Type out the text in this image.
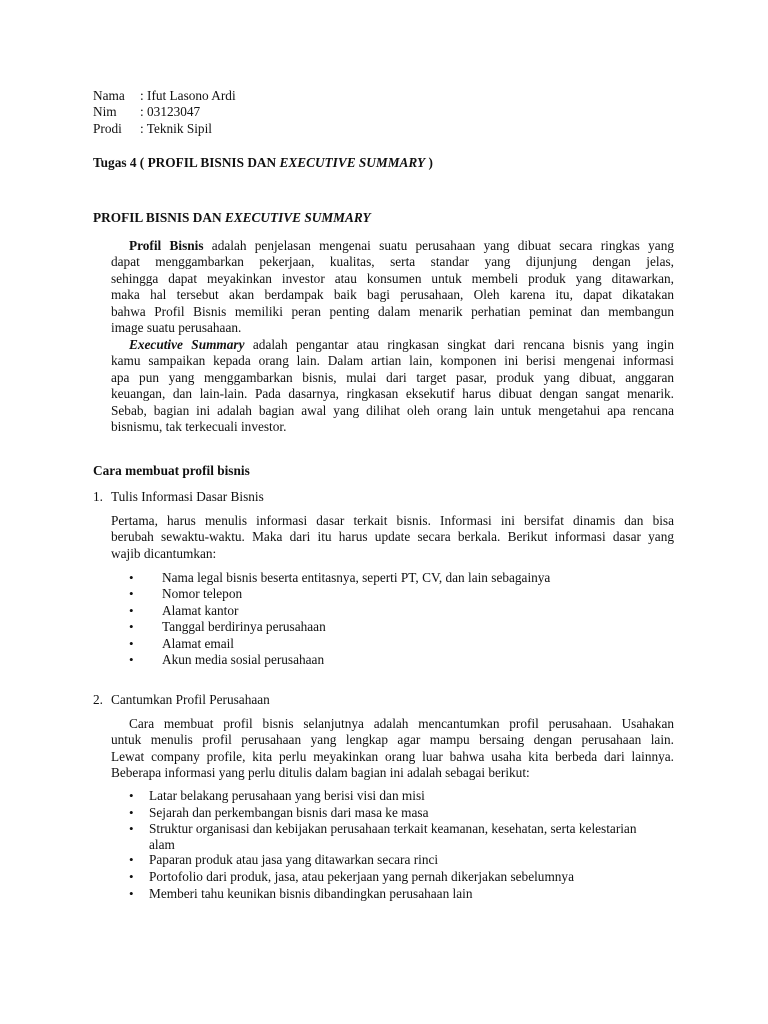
Nama : Ifut Lasono Ardi
Nim : 03123047
Prodi : Teknik Sipil
Tugas 4 ( PROFIL BISNIS DAN EXECUTIVE SUMMARY )
PROFIL BISNIS DAN EXECUTIVE SUMMARY
Profil Bisnis adalah penjelasan mengenai suatu perusahaan yang dibuat secara ringkas yang
dapat menggambarkan pekerjaan, kualitas, serta standar yang dijunjung dengan jelas,
sehingga dapat meyakinkan investor atau konsumen untuk membeli produk yang ditawarkan,
maka hal tersebut akan berdampak baik bagi perusahaan, Oleh karena itu, dapat dikatakan
bahwa Profil Bisnis memiliki peran penting dalam menarik perhatian peminat dan membangun
image suatu perusahaan.
Executive Summary adalah pengantar atau ringkasan singkat dari rencana bisnis yang ingin
kamu sampaikan kepada orang lain. Dalam artian lain, komponen ini berisi mengenai informasi
apa pun yang menggambarkan bisnis, mulai dari target pasar, produk yang dibuat, anggaran
keuangan, dan lain-lain. Pada dasarnya, ringkasan eksekutif harus dibuat dengan sangat menarik.
Sebab, bagian ini adalah bagian awal yang dilihat oleh orang lain untuk mengetahui apa rencana
bisnismu, tak terkecuali investor.
Cara membuat profil bisnis
1. Tulis Informasi Dasar Bisnis
Pertama, harus menulis informasi dasar terkait bisnis. Informasi ini bersifat dinamis dan bisa
berubah sewaktu-waktu. Maka dari itu harus update secara berkala. Berikut informasi dasar yang
wajib dicantumkan:
• Nama legal bisnis beserta entitasnya, seperti PT, CV, dan lain sebagainya
• Nomor telepon
• Alamat kantor
• Tanggal berdirinya perusahaan
• Alamat email
• Akun media sosial perusahaan
2. Cantumkan Profil Perusahaan
Cara membuat profil bisnis selanjutnya adalah mencantumkan profil perusahaan. Usahakan
untuk menulis profil perusahaan yang lengkap agar mampu bersaing dengan perusahaan lain.
Lewat company profile, kita perlu meyakinkan orang luar bahwa usaha kita berbeda dari lainnya.
Beberapa informasi yang perlu ditulis dalam bagian ini adalah sebagai berikut:
• Latar belakang perusahaan yang berisi visi dan misi
• Sejarah dan perkembangan bisnis dari masa ke masa
• Struktur organisasi dan kebijakan perusahaan terkait keamanan, kesehatan, serta kelestarian
alam
• Paparan produk atau jasa yang ditawarkan secara rinci
• Portofolio dari produk, jasa, atau pekerjaan yang pernah dikerjakan sebelumnya
• Memberi tahu keunikan bisnis dibandingkan perusahaan lain
